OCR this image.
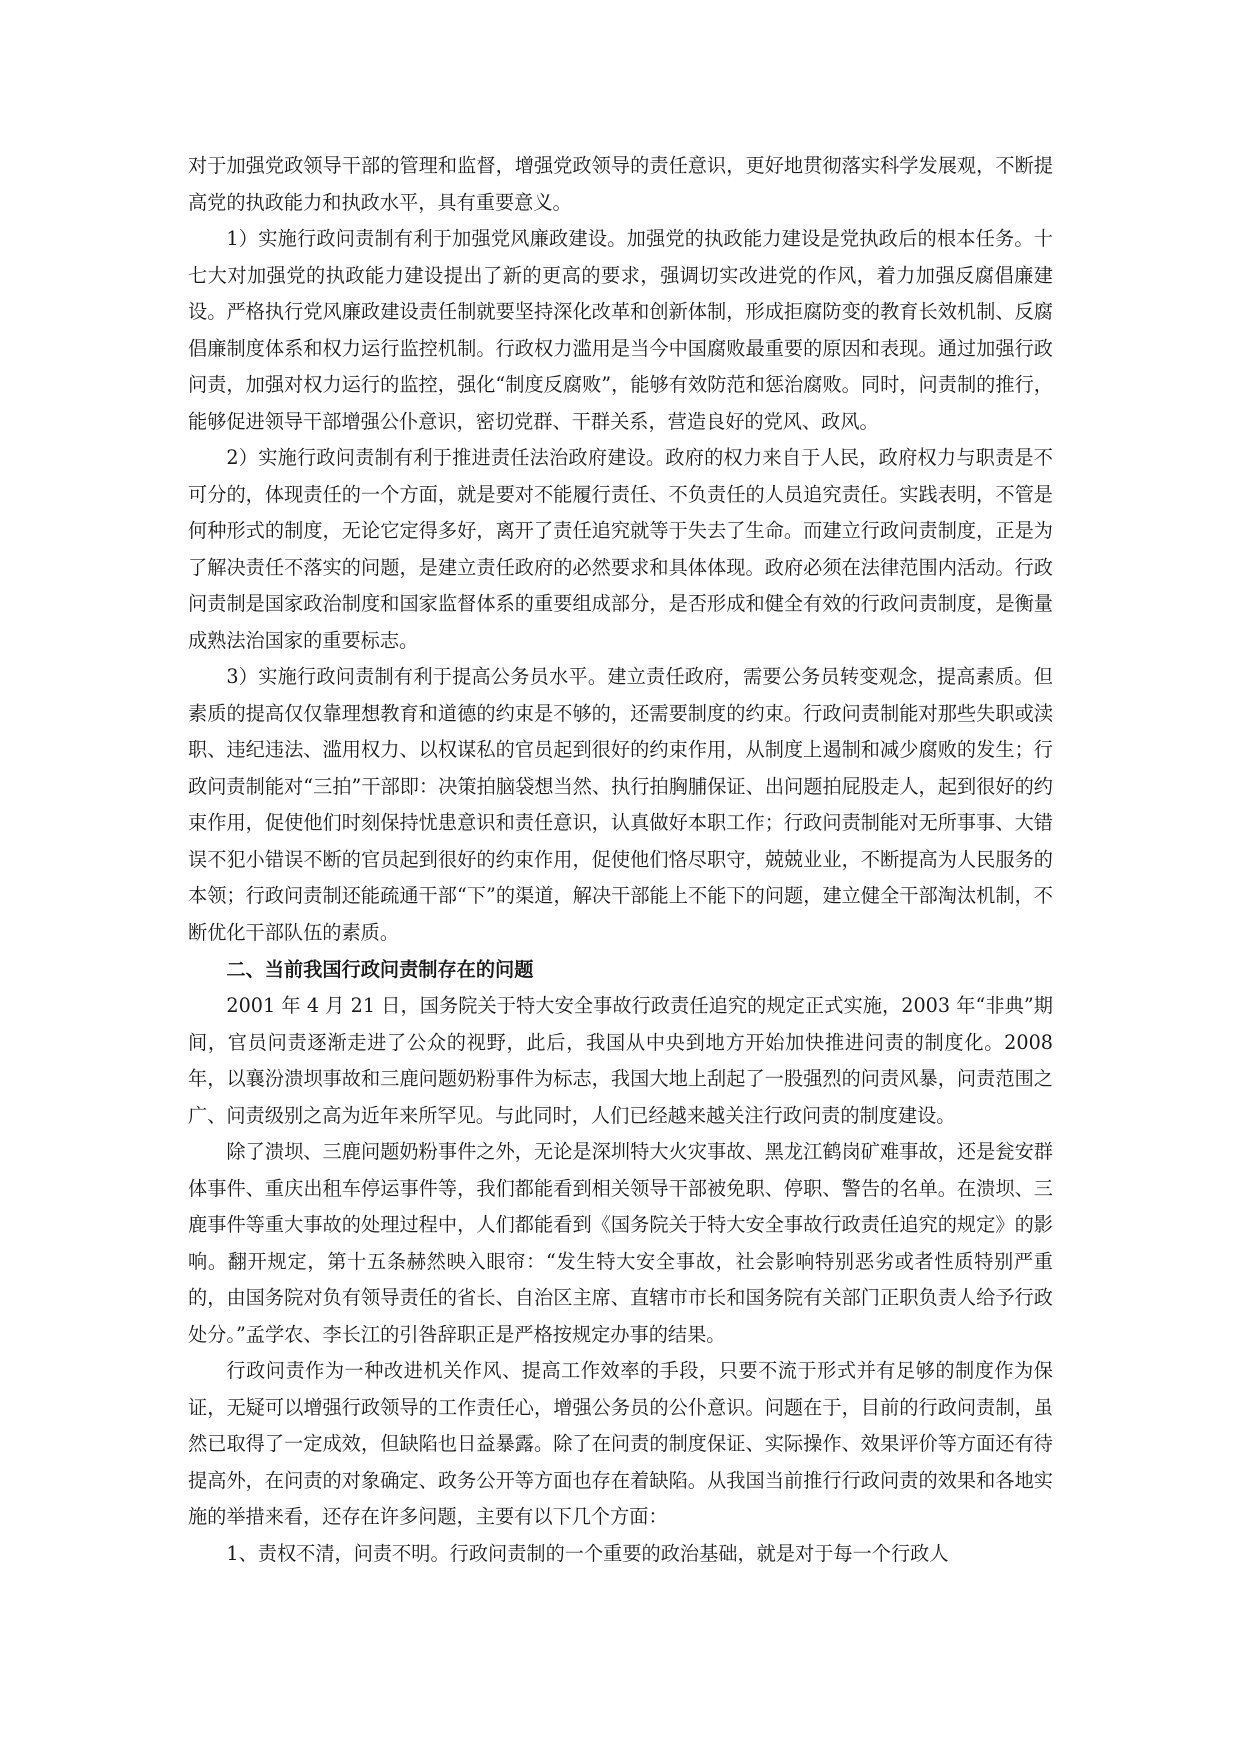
对于加强党政领导干部的管理和监督，增强党政领导的责任意识，更好地贯彻落实科学发展观，不断提高党的执政能力和执政水平，具有重要意义。

1）实施行政问责制有利于加强党风廉政建设。加强党的执政能力建设是党执政后的根本任务。十七大对加强党的执政能力建设提出了新的更高的要求，强调切实改进党的作风，着力加强反腐倡廉建设。严格执行党风廉政建设责任制就要坚持深化改革和创新体制，形成拒腐防变的教育长效机制、反腐倡廉制度体系和权力运行监控机制。行政权力滥用是当今中国腐败最重要的原因和表现。通过加强行政问责，加强对权力运行的监控，强化“制度反腐败”，能够有效防范和惩治腐败。同时，问责制的推行，能够促进领导干部增强公仆意识，密切党群、干群关系，营造良好的党风、政风。

2）实施行政问责制有利于推进责任法治政府建设。政府的权力来自于人民，政府权力与职责是不可分的，体现责任的一个方面，就是要对不能履行责任、不负责任的人员追究责任。实践表明，不管是何种形式的制度，无论它定得多好，离开了责任追究就等于失去了生命。而建立行政问责制度，正是为了解决责任不落实的问题，是建立责任政府的必然要求和具体体现。政府必须在法律范围内活动。行政问责制是国家政治制度和国家监督体系的重要组成部分，是否形成和健全有效的行政问责制度，是衡量成熟法治国家的重要标志。

3）实施行政问责制有利于提高公务员水平。建立责任政府，需要公务员转变观念，提高素质。但素质的提高仅仅靠理想教育和道德的约束是不够的，还需要制度的约束。行政问责制能对那些失职或渎职、违纪违法、滥用权力、以权谋私的官员起到很好的约束作用，从制度上遏制和减少腐败的发生；行政问责制能对“三拍”干部即：决策拍脑袋想当然、执行拍胸脯保证、出问题拍屁股走人，起到很好的约束作用，促使他们时刻保持忧患意识和责任意识，认真做好本职工作；行政问责制能对无所事事、大错误不犯小错误不断的官员起到很好的约束作用，促使他们恪尽职守，兢兢业业，不断提高为人民服务的本领；行政问责制还能疏通干部“下”的渠道，解决干部能上不能下的问题，建立健全干部淘汰机制，不断优化干部队伍的素质。

二、当前我国行政问责制存在的问题

2001 年 4 月 21 日，国务院关于特大安全事故行政责任追究的规定正式实施，2003 年“非典”期间，官员问责逐渐走进了公众的视野，此后，我国从中央到地方开始加快推进问责的制度化。2008 年，以襄汾溃坝事故和三鹿问题奶粉事件为标志，我国大地上刮起了一股强烈的问责风暴，问责范围之广、问责级别之高为近年来所罕见。与此同时，人们已经越来越关注行政问责的制度建设。

除了溃坝、三鹿问题奶粉事件之外，无论是深圳特大火灾事故、黑龙江鹤岗矿难事故，还是瓮安群体事件、重庆出租车停运事件等，我们都能看到相关领导干部被免职、停职、警告的名单。在溃坝、三鹿事件等重大事故的处理过程中，人们都能看到《国务院关于特大安全事故行政责任追究的规定》的影响。翻开规定，第十五条赫然映入眼帘：“发生特大安全事故，社会影响特别恶劣或者性质特别严重的，由国务院对负有领导责任的省长、自治区主席、直辖市市长和国务院有关部门正职负责人给予行政处分。”孟学农、李长江的引咎辞职正是严格按规定办事的结果。

行政问责作为一种改进机关作风、提高工作效率的手段，只要不流于形式并有足够的制度作为保证，无疑可以增强行政领导的工作责任心，增强公务员的公仆意识。问题在于，目前的行政问责制，虽然已取得了一定成效，但缺陷也日益暴露。除了在问责的制度保证、实际操作、效果评价等方面还有待提高外，在问责的对象确定、政务公开等方面也存在着缺陷。从我国当前推行行政问责的效果和各地实施的举措来看，还存在许多问题，主要有以下几个方面：

1、责权不清，问责不明。行政问责制的一个重要的政治基础，就是对于每一个行政人
